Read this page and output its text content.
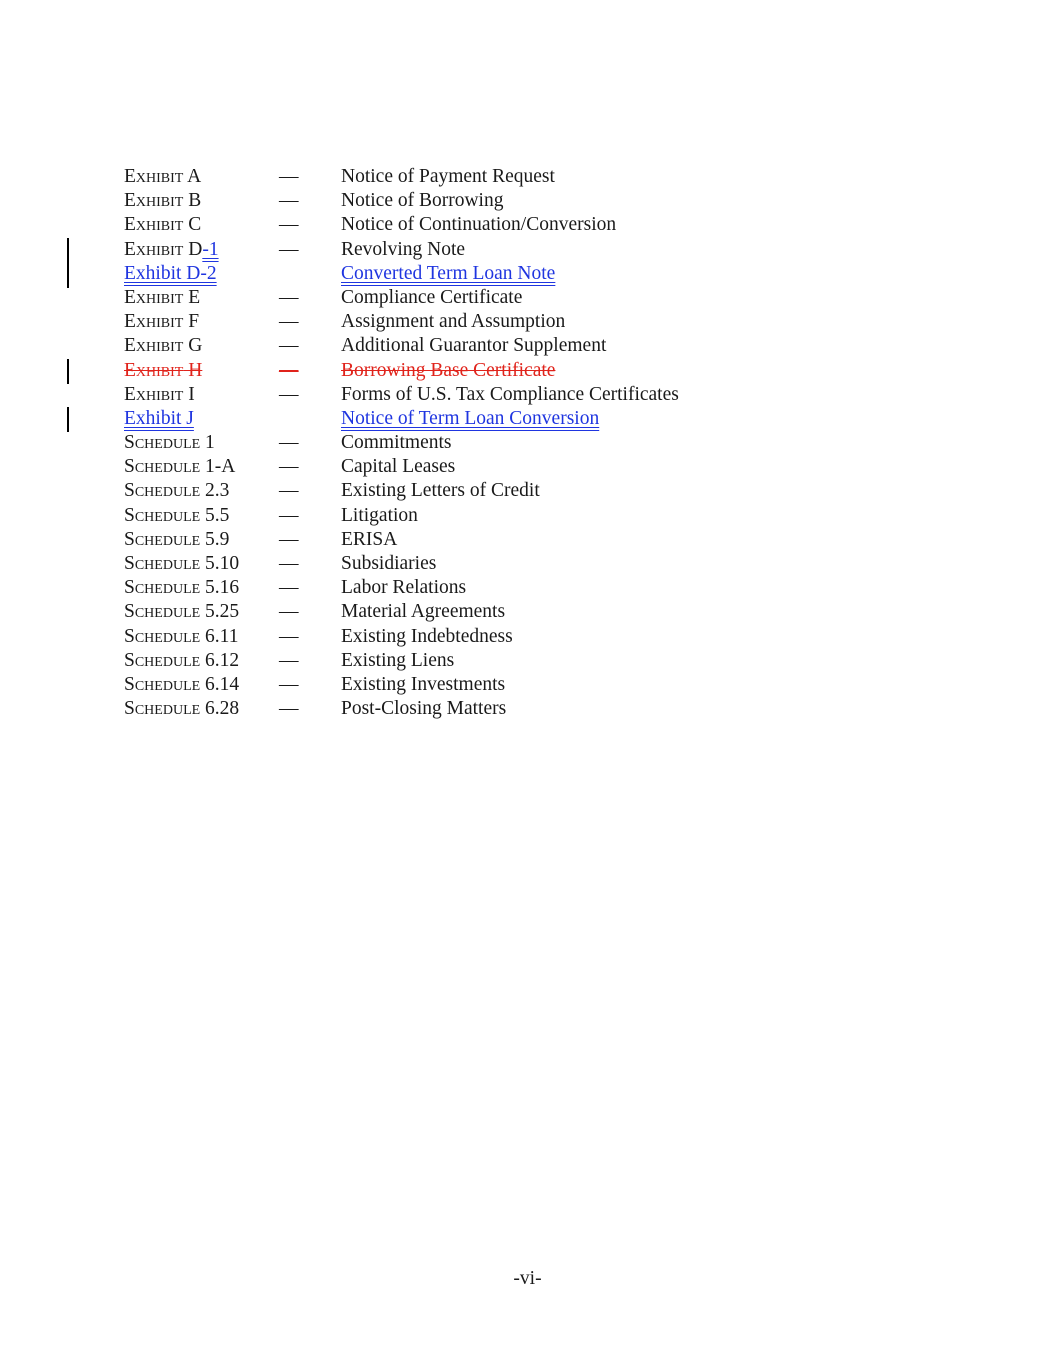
Exhibit A	— Notice of Payment Request
Exhibit B	— Notice of Borrowing
Exhibit C	— Notice of Continuation/Conversion
Exhibit D-1	— Revolving Note
Exhibit D-2	Converted Term Loan Note
Exhibit E	— Compliance Certificate
Exhibit F	— Assignment and Assumption
Exhibit G	— Additional Guarantor Supplement
Exhibit H	— Borrowing Base Certificate
Exhibit I	— Forms of U.S. Tax Compliance Certificates
Exhibit J	Notice of Term Loan Conversion
Schedule 1	— Commitments
Schedule 1-A — Capital Leases
Schedule 2.3	— Existing Letters of Credit
Schedule 5.5	— Litigation
Schedule 5.9	— ERISA
Schedule 5.10 — Subsidiaries
Schedule 5.16 — Labor Relations
Schedule 5.25 — Material Agreements
Schedule 6.11 — Existing Indebtedness
Schedule 6.12 — Existing Liens
Schedule 6.14 — Existing Investments
Schedule 6.28 — Post-Closing Matters
-vi-
